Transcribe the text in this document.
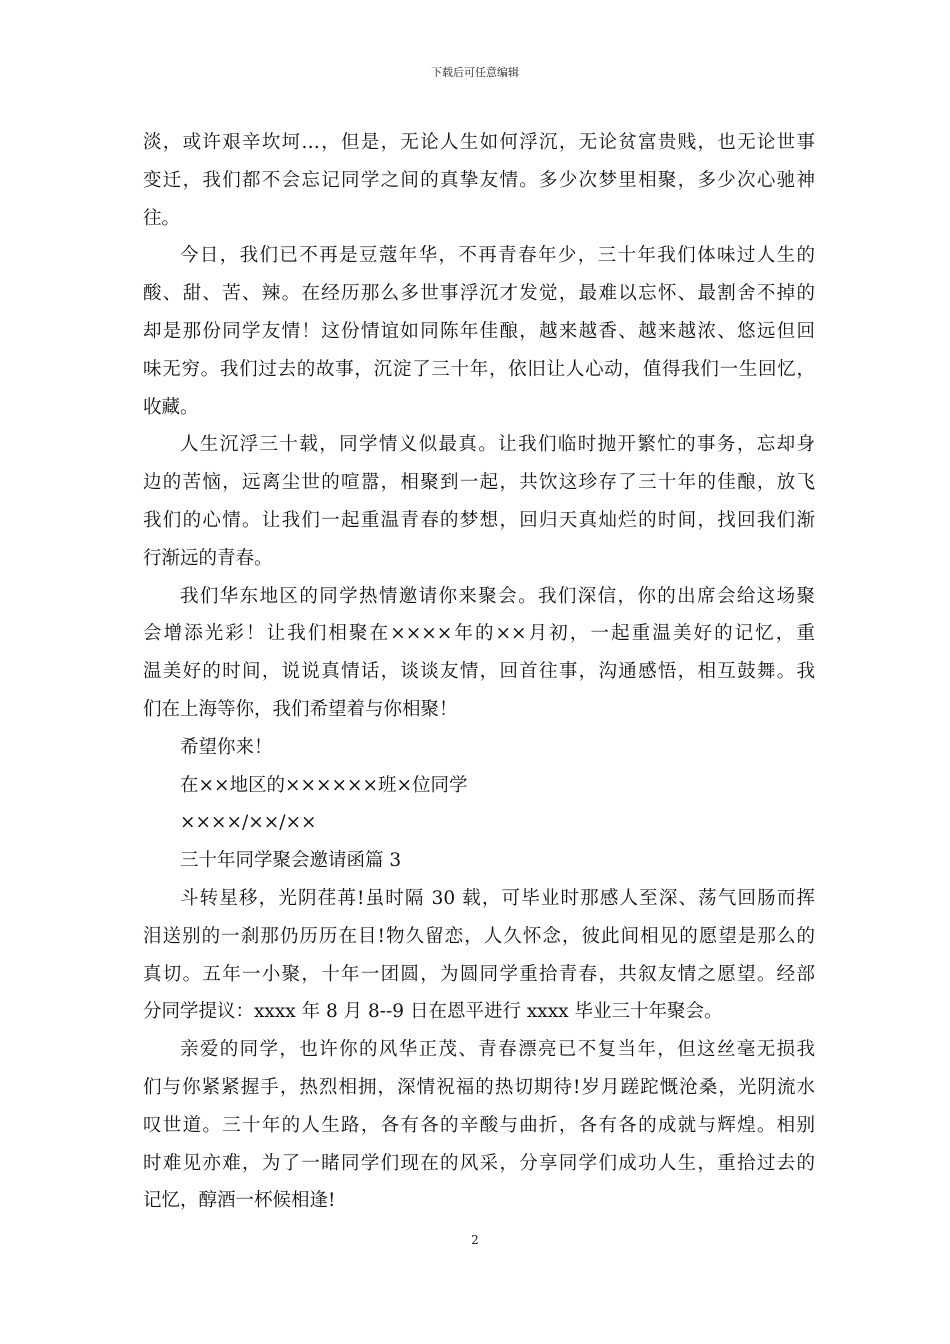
下载后可任意编辑
淡，或许艰辛坎坷…，但是，无论人生如何浮沉，无论贫富贵贱，也无论世事
变迁，我们都不会忘记同学之间的真挚友情。多少次梦里相聚，多少次心驰神
往。
今日，我们已不再是豆蔻年华，不再青春年少，三十年我们体味过人生的
酸、甜、苦、辣。在经历那么多世事浮沉才发觉，最难以忘怀、最割舍不掉的
却是那份同学友情！这份情谊如同陈年佳酿，越来越香、越来越浓、悠远但回
味无穷。我们过去的故事，沉淀了三十年，依旧让人心动，值得我们一生回忆，
收藏。
人生沉浮三十载，同学情义似最真。让我们临时抛开繁忙的事务，忘却身
边的苦恼，远离尘世的喧嚣，相聚到一起，共饮这珍存了三十年的佳酿，放飞
我们的心情。让我们一起重温青春的梦想，回归天真灿烂的时间，找回我们渐
行渐远的青春。
我们华东地区的同学热情邀请你来聚会。我们深信，你的出席会给这场聚
会增添光彩！让我们相聚在××××年的××月初，一起重温美好的记忆，重
温美好的时间，说说真情话，谈谈友情，回首往事，沟通感悟，相互鼓舞。我
们在上海等你，我们希望着与你相聚！
希望你来！
在××地区的××××××班×位同学
××××/××/××
三十年同学聚会邀请函篇 3
斗转星移，光阴荏苒!虽时隔 30 载，可毕业时那感人至深、荡气回肠而挥
泪送别的一刹那仍历历在目!物久留恋，人久怀念，彼此间相见的愿望是那么的
真切。五年一小聚，十年一团圆，为圆同学重拾青春，共叙友情之愿望。经部
分同学提议：xxxx 年 8 月 8--9 日在恩平进行 xxxx 毕业三十年聚会。
亲爱的同学，也许你的风华正茂、青春漂亮已不复当年，但这丝毫无损我
们与你紧紧握手，热烈相拥，深情祝福的热切期待!岁月蹉跎慨沧桑，光阴流水
叹世道。三十年的人生路，各有各的辛酸与曲折，各有各的成就与辉煌。相别
时难见亦难，为了一睹同学们现在的风采，分享同学们成功人生，重拾过去的
记忆，醇酒一杯候相逢!
2
